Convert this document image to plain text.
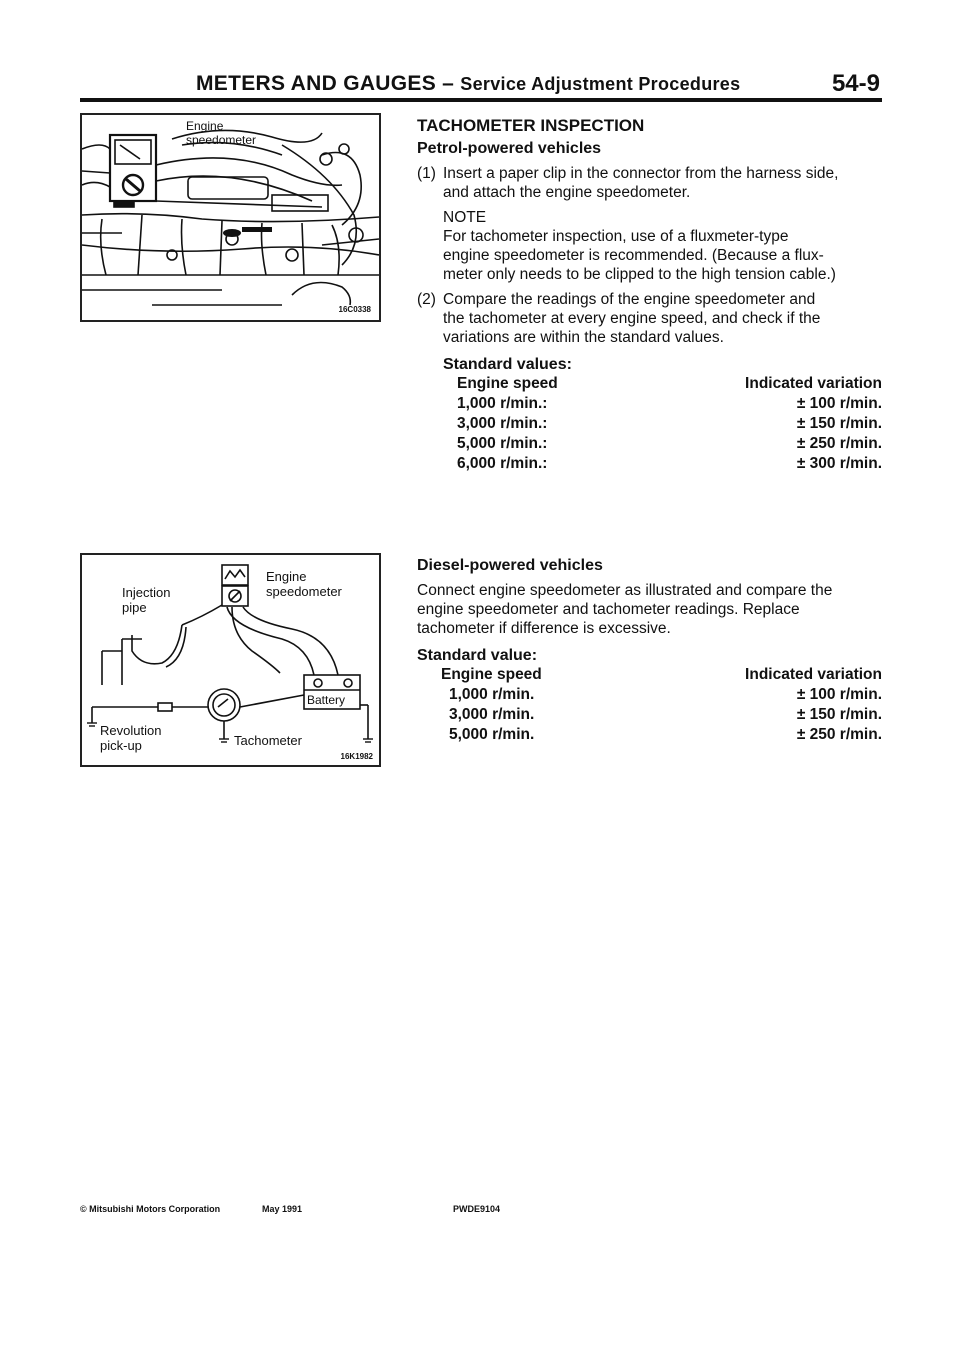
METERS AND GAUGES – Service Adjustment Procedures	54-9
Engine
speedometer
16C0338
Injection
pipe
Engine
speedometer
Battery
Revolution
pick-up	Tachometer
16K1982
TACHOMETER INSPECTION
Petrol-powered vehicles
(1) Insert a paper clip in the connector from the harness side,
and attach the engine speedometer.
NOTE
For tachometer inspection, use of a fluxmeter-type
engine speedometer is recommended. (Because a flux-
meter only needs to be clipped to the high tension cable.)
(2) Compare the readings of the engine speedometer and
the tachometer at every engine speed, and check if the
variations are within the standard values.
Standard values:
Engine speed	Indicated variation
1,000 r/min.:	± 100 r/min.
3,000 r/min.:	± 150 r/min.
5,000 r/min.:	± 250 r/min.
6,000 r/min.:	± 300 r/min.
Diesel-powered vehicles
Connect engine speedometer as illustrated and compare the
engine speedometer and tachometer readings. Replace
tachometer if difference is excessive.
Standard value:
Engine speed	Indicated variation
1,000 r/min.	± 100 r/min.
3,000 r/min.	± 150 r/min.
5,000 r/min.	± 250 r/min.
© Mitsubishi Motors Corporation	May 1991	PWDE9104
